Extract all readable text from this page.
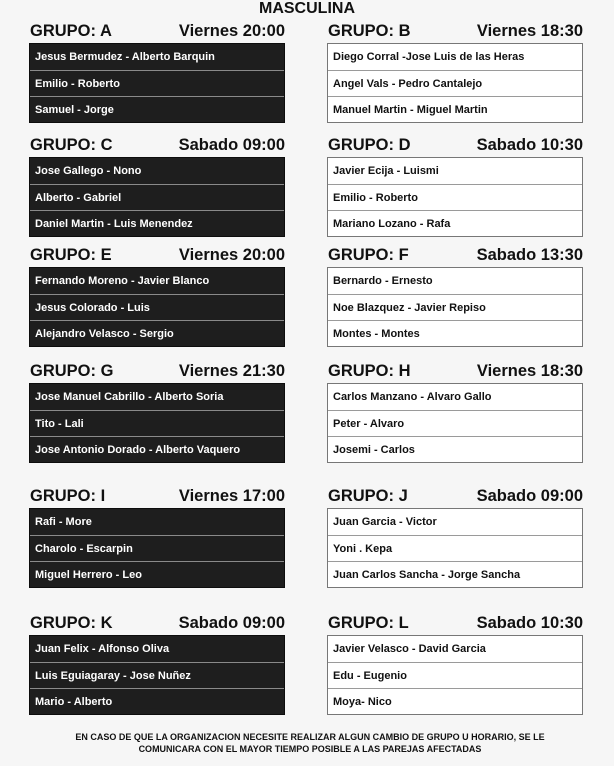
MASCULINA
GRUPO: A	Viernes 20:00
Jesus Bermudez - Alberto Barquin
Emilio - Roberto
Samuel - Jorge
GRUPO: B	Viernes 18:30
Diego Corral -Jose Luis de las Heras
Angel Vals - Pedro Cantalejo
Manuel Martin - Miguel Martin
GRUPO: C	Sabado 09:00
Jose Gallego - Nono
Alberto - Gabriel
Daniel Martin - Luis Menendez
GRUPO: D	Sabado 10:30
Javier Ecija - Luismi
Emilio - Roberto
Mariano Lozano - Rafa
GRUPO: E	Viernes 20:00
Fernando Moreno - Javier Blanco
Jesus Colorado - Luis
Alejandro Velasco - Sergio
GRUPO: F	Sabado 13:30
Bernardo - Ernesto
Noe Blazquez - Javier Repiso
Montes - Montes
GRUPO: G	Viernes 21:30
Jose Manuel Cabrillo - Alberto Soria
Tito - Lali
Jose Antonio Dorado - Alberto Vaquero
GRUPO: H	Viernes 18:30
Carlos Manzano - Alvaro Gallo
Peter - Alvaro
Josemi - Carlos
GRUPO: I	Viernes 17:00
Rafi - More
Charolo - Escarpin
Miguel Herrero - Leo
GRUPO: J	Sabado 09:00
Juan Garcia - Victor
Yoni . Kepa
Juan Carlos Sancha - Jorge Sancha
GRUPO: K	Sabado 09:00
Juan Felix - Alfonso Oliva
Luis Eguiagaray - Jose Nuñez
Mario - Alberto
GRUPO: L	Sabado 10:30
Javier Velasco - David Garcia
Edu - Eugenio
Moya- Nico
EN CASO DE QUE LA ORGANIZACION NECESITE REALIZAR ALGUN CAMBIO DE GRUPO U HORARIO, SE LE
COMUNICARA CON EL MAYOR TIEMPO POSIBLE A LAS PAREJAS AFECTADAS
